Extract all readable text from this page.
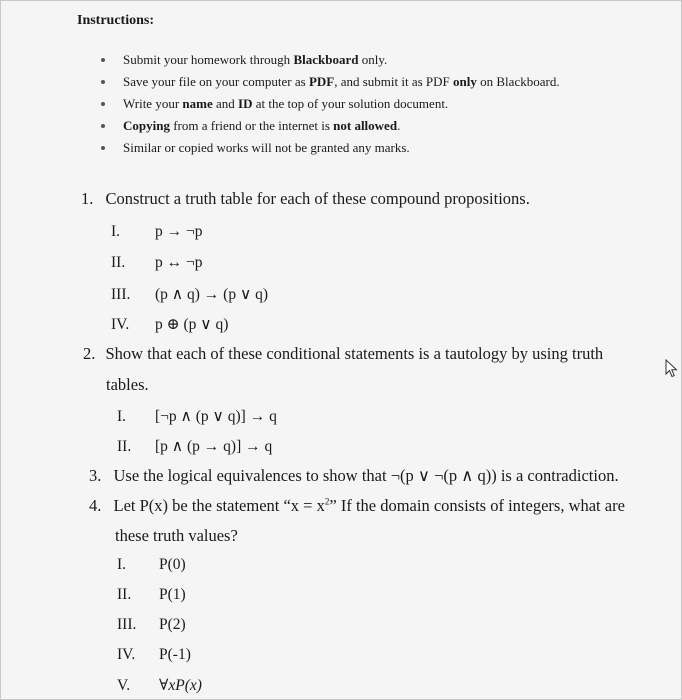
Instructions:
Submit your homework through Blackboard only.
Save your file on your computer as PDF, and submit it as PDF only on Blackboard.
Write your name and ID at the top of your solution document.
Copying from a friend or the internet is not allowed.
Similar or copied works will not be granted any marks.
1. Construct a truth table for each of these compound propositions.
I. p → ¬p
II. p ↔ ¬p
III. (p ∧ q) → (p ∨ q)
IV. p ⊕ (p ∨ q)
2. Show that each of these conditional statements is a tautology by using truth
tables.
I. [¬p ∧ (p ∨ q)] → q
II. [p ∧ (p → q)] → q
3. Use the logical equivalences to show that ¬(p ∨ ¬(p ∧ q)) is a contradiction.
4. Let P(x) be the statement “$x = x^2$” If the domain consists of integers, what are
these truth values?
I. P(0)
II. P(1)
III. P(2)
IV. P(-1)
V. ∀xP(x)
